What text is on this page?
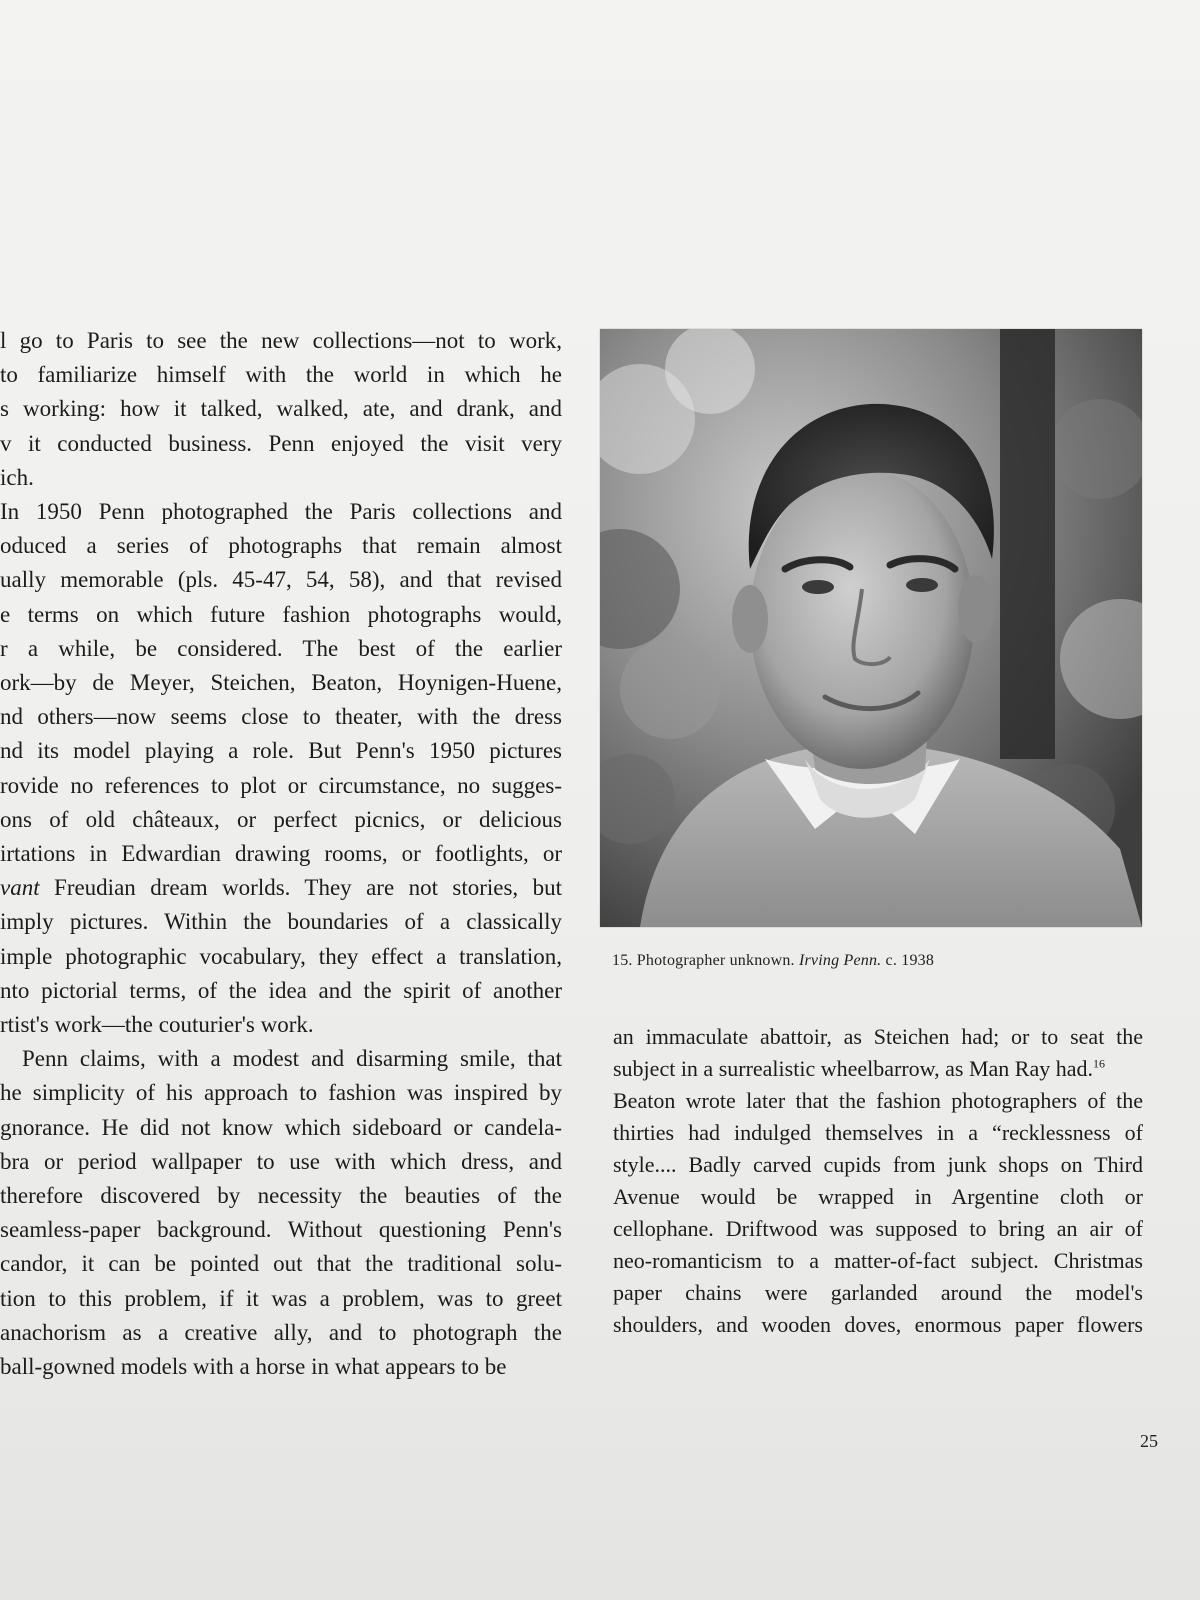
l go to Paris to see the new collections—not to work,
to familiarize himself with the world in which he
s working: how it talked, walked, ate, and drank, and
v it conducted business. Penn enjoyed the visit very
ich.
In 1950 Penn photographed the Paris collections and
oduced a series of photographs that remain almost
ually memorable (pls. 45-47, 54, 58), and that revised
e terms on which future fashion photographs would,
r a while, be considered. The best of the earlier
ork—by de Meyer, Steichen, Beaton, Hoynigen-Huene,
nd others—now seems close to theater, with the dress
nd its model playing a role. But Penn's 1950 pictures
rovide no references to plot or circumstance, no sugges-
ons of old châteaux, or perfect picnics, or delicious
irtations in Edwardian drawing rooms, or footlights, or
vant Freudian dream worlds. They are not stories, but
imply pictures. Within the boundaries of a classically
imple photographic vocabulary, they effect a translation,
nto pictorial terms, of the idea and the spirit of another
rtist's work—the couturier's work.
Penn claims, with a modest and disarming smile, that
he simplicity of his approach to fashion was inspired by
gnorance. He did not know which sideboard or candela-
bra or period wallpaper to use with which dress, and
therefore discovered by necessity the beauties of the
seamless-paper background. Without questioning Penn's
candor, it can be pointed out that the traditional solu-
tion to this problem, if it was a problem, was to greet
anachorism as a creative ally, and to photograph the
ball-gowned models with a horse in what appears to be
15. Photographer unknown. Irving Penn. c. 1938
an immaculate abattoir, as Steichen had; or to seat the
subject in a surrealistic wheelbarrow, as Man Ray had.$^{16}$
Beaton wrote later that the fashion photographers of the
thirties had indulged themselves in a “recklessness of
style.... Badly carved cupids from junk shops on Third
Avenue would be wrapped in Argentine cloth or
cellophane. Driftwood was supposed to bring an air of
neo-romanticism to a matter-of-fact subject. Christmas
paper chains were garlanded around the model's
shoulders, and wooden doves, enormous paper flowers
25
